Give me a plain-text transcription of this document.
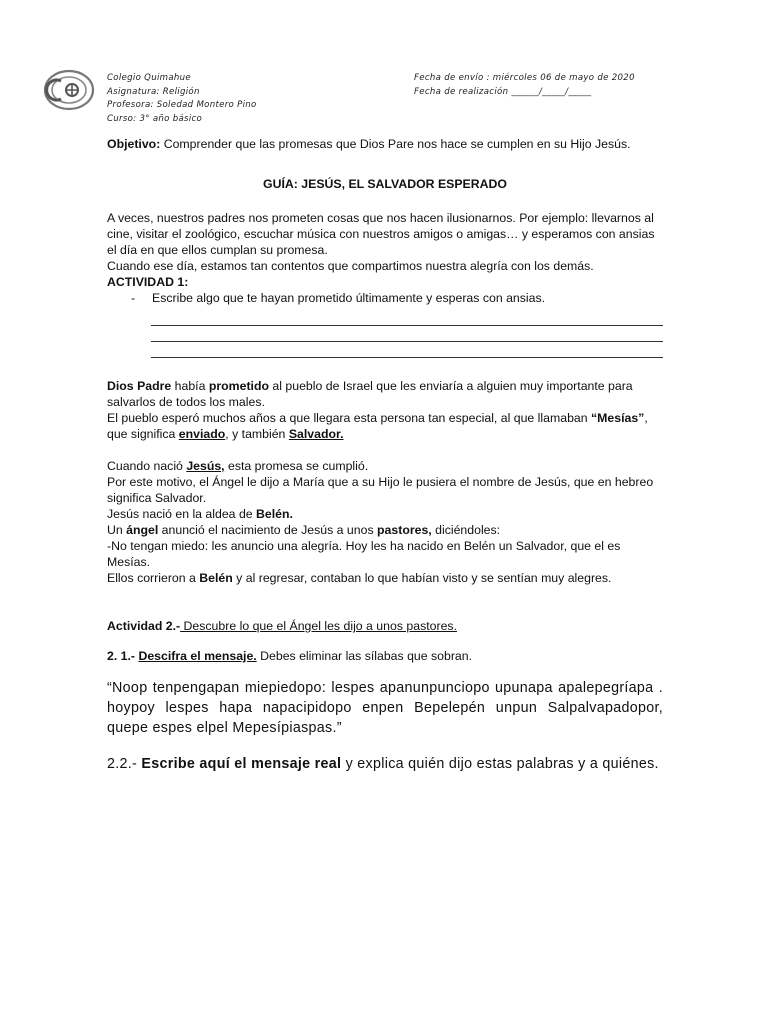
Colegio Quimahue
Asignatura: Religión
Profesora: Soledad Montero Pino
Curso: 3° año básico
Fecha de envío : miércoles 06 de mayo de 2020
Fecha de realización ______/_____/_____

Objetivo: Comprender que las promesas que Dios Pare nos hace se cumplen en su Hijo Jesús.

GUÍA: JESÚS, EL SALVADOR ESPERADO

A veces, nuestros padres nos prometen cosas que nos hacen ilusionarnos. Por ejemplo: llevarnos al cine, visitar el zoológico, escuchar música con nuestros amigos o amigas… y esperamos con ansias el día en que ellos cumplan su promesa.

Cuando ese día, estamos tan contentos que compartimos nuestra alegría con los demás.

ACTIVIDAD 1:

- Escribe algo que te hayan prometido últimamente y esperas con ansias.

Dios Padre había prometido al pueblo de Israel que les enviaría a alguien muy importante para salvarlos de todos los males.

El pueblo esperó muchos años a que llegara esta persona tan especial, al que llamaban “Mesías”, que significa enviado, y también Salvador.

Cuando nació Jesús, esta promesa se cumplió.

Por este motivo, el Ángel le dijo a María que a su Hijo le pusiera el nombre de Jesús, que en hebreo significa Salvador.

Jesús nació en la aldea de Belén.

Un ángel anunció el nacimiento de Jesús a unos pastores, diciéndoles:

-No tengan miedo: les anuncio una alegría. Hoy les ha nacido en Belén un Salvador, que el es Mesías.

Ellos corrieron a Belén y al regresar, contaban lo que habían visto y se sentían muy alegres.

Actividad 2.- Descubre lo que el Ángel les dijo a unos pastores.

2. 1.- Descifra el mensaje. Debes eliminar las sílabas que sobran.

“Noop tenpengapan miepiedopo: lespes apanunpunciopo upunapa apalepegríapa . hoypoy lespes hapa napacipidopo enpen Bepelepén unpun Salpalvapadopor, quepe espes elpel Mepesípiaspas.”

2.2.- Escribe aquí el mensaje real y explica quién dijo estas palabras y a quiénes.
